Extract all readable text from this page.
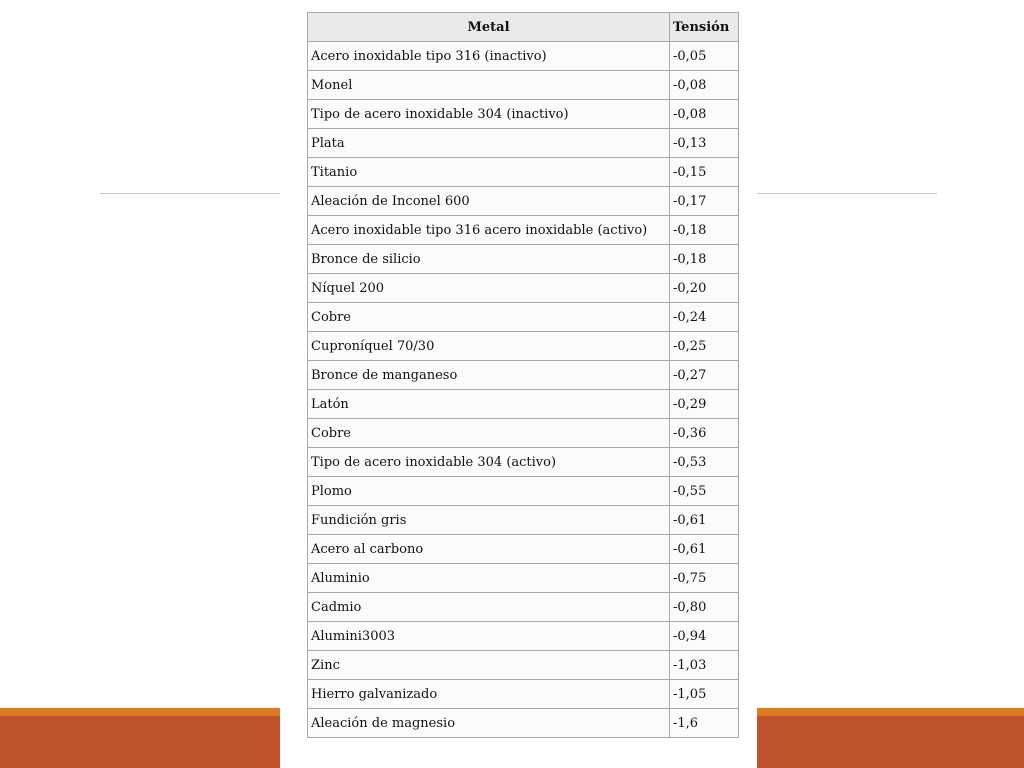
Metal	Tensión
Acero inoxidable tipo 316 (inactivo)	-0,05
Monel	-0,08
Tipo de acero inoxidable 304 (inactivo)	-0,08
Plata	-0,13
Titanio	-0,15
Aleación de Inconel 600	-0,17
Acero inoxidable tipo 316 acero inoxidable (activo)	-0,18
Bronce de silicio	-0,18
Níquel 200	-0,20
Cobre	-0,24
Cuproníquel 70/30	-0,25
Bronce de manganeso	-0,27
Latón	-0,29
Cobre	-0,36
Tipo de acero inoxidable 304 (activo)	-0,53
Plomo	-0,55
Fundición gris	-0,61
Acero al carbono	-0,61
Aluminio	-0,75
Cadmio	-0,80
Alumini3003	-0,94
Zinc	-1,03
Hierro galvanizado	-1,05
Aleación de magnesio	-1,6
